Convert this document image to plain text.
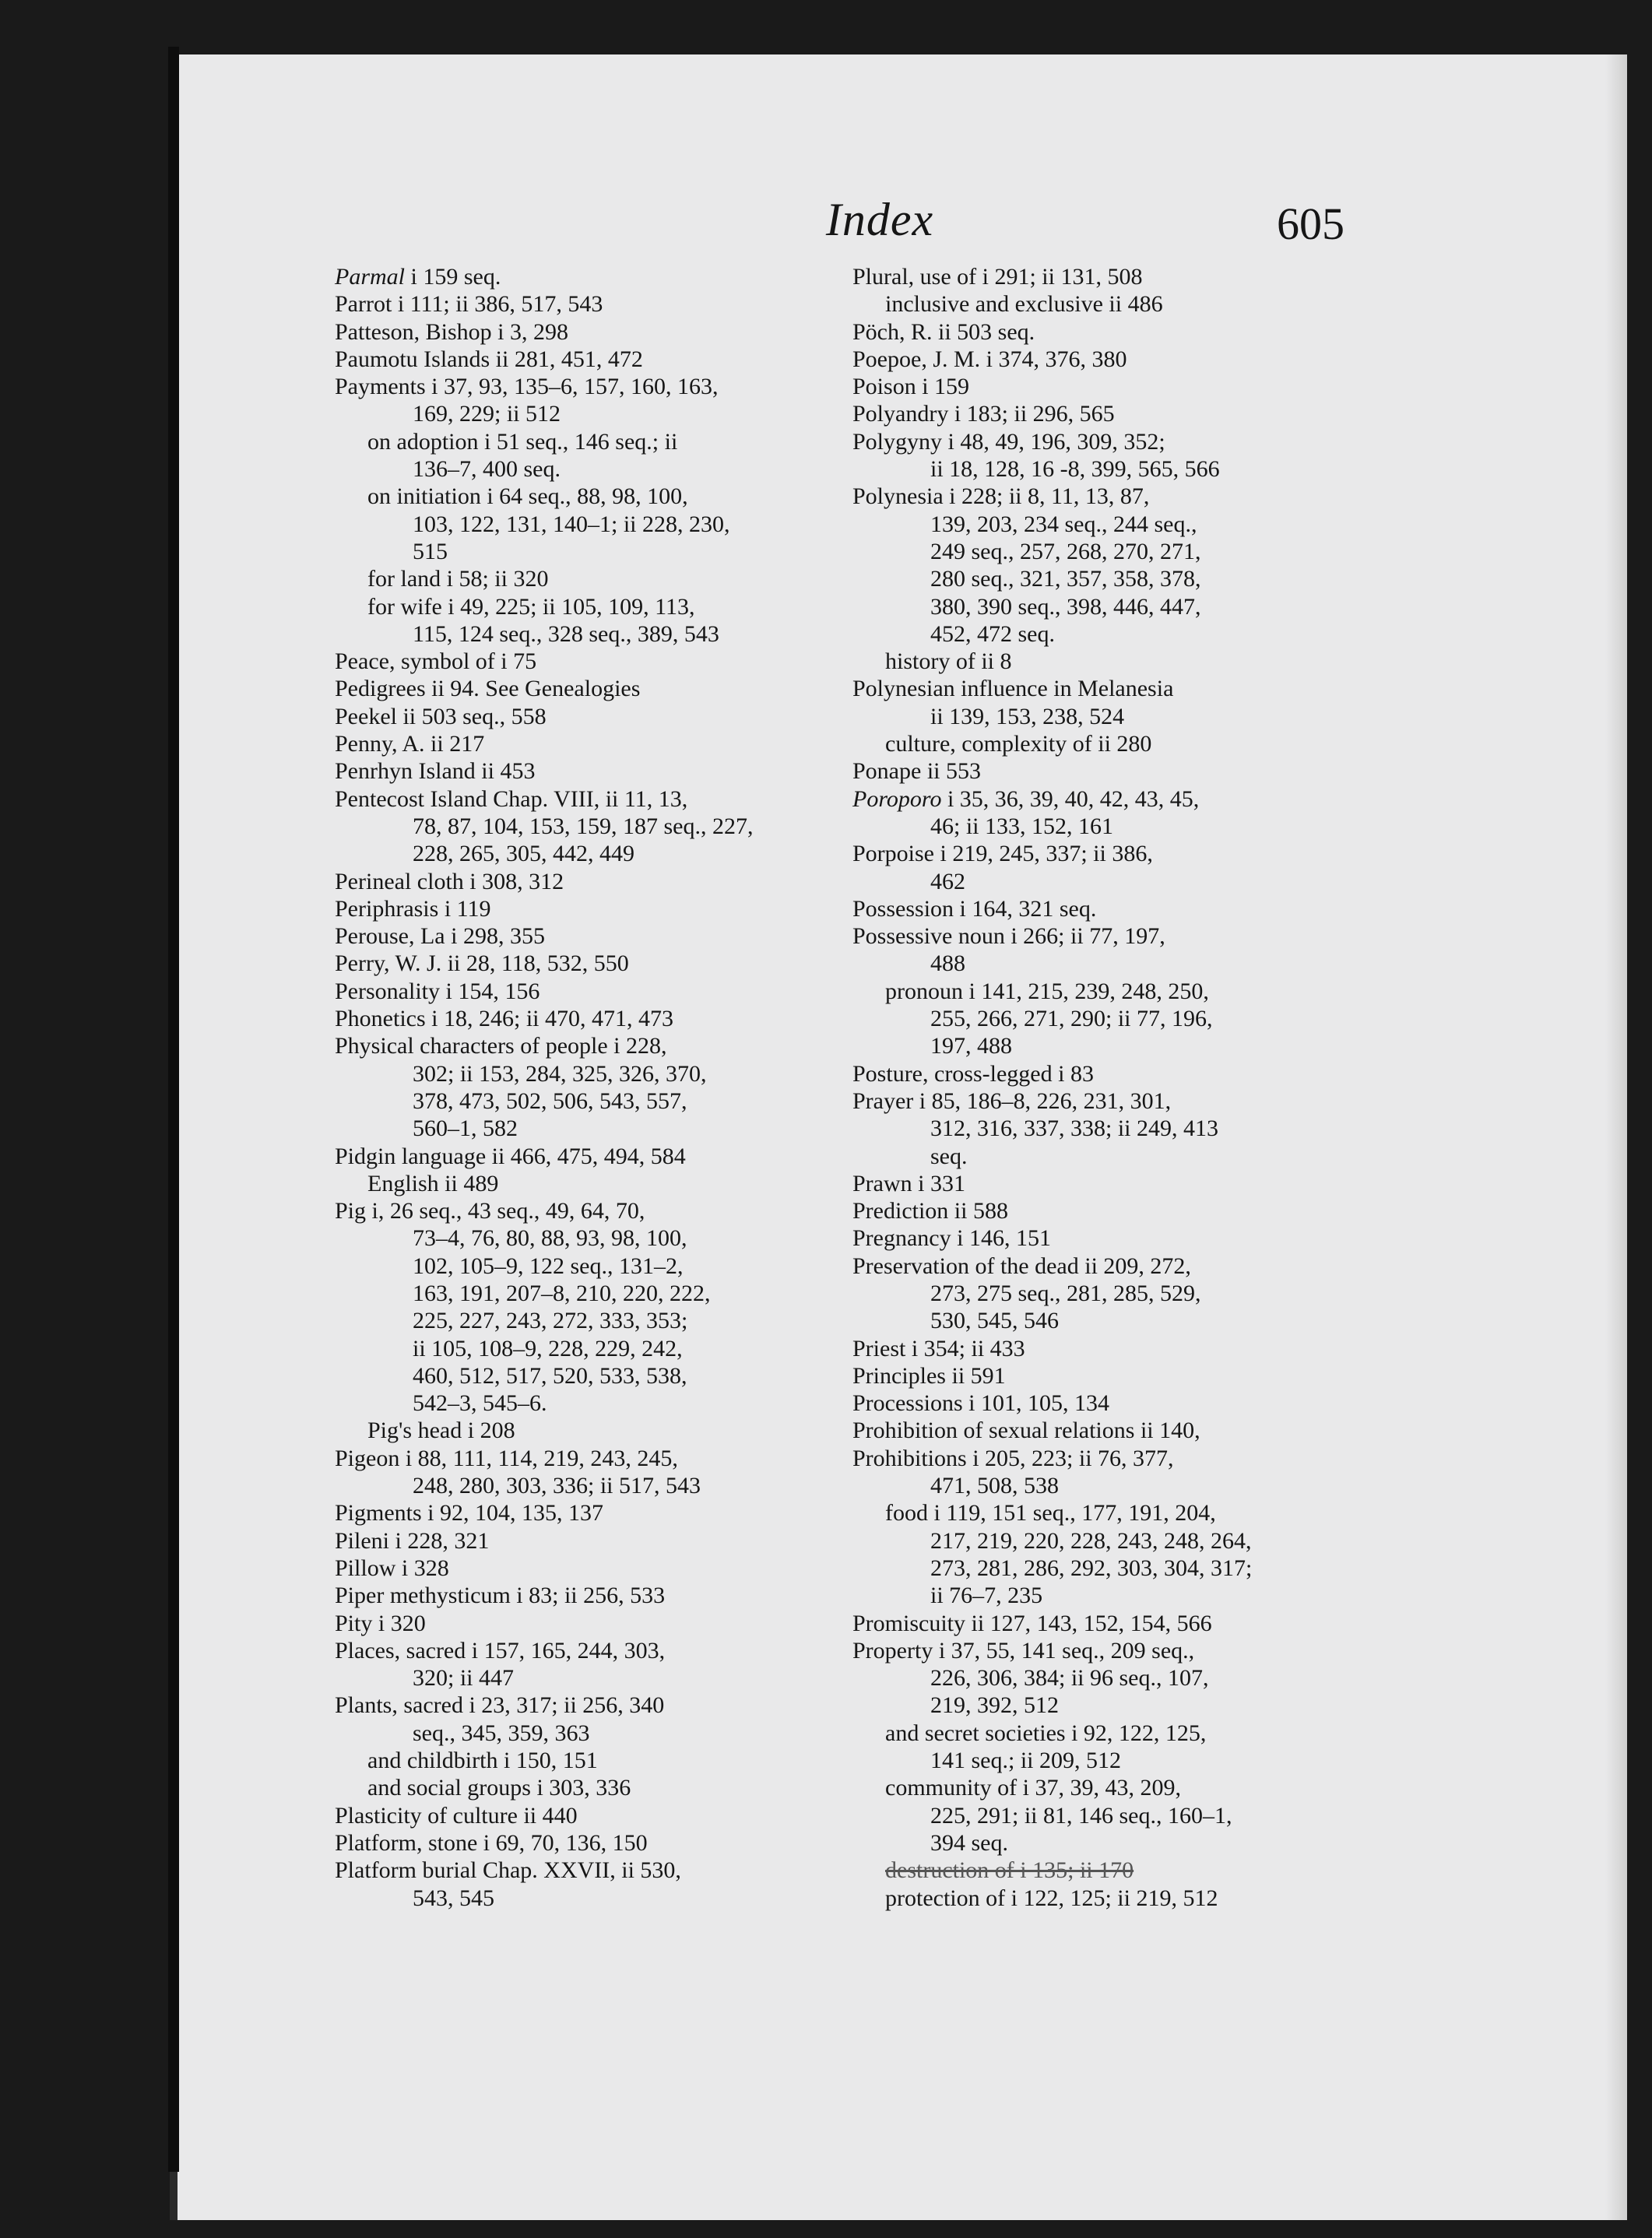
Index	605
Parmal i 159 seq.
Parrot i 111; ii 386, 517, 543
Patteson, Bishop i 3, 298
Paumotu Islands ii 281, 451, 472
Payments i 37, 93, 135–6, 157, 160, 163,
169, 229; ii 512
on adoption i 51 seq., 146 seq.; ii
136–7, 400 seq.
on initiation i 64 seq., 88, 98, 100,
103, 122, 131, 140–1; ii 228, 230,
515
for land i 58; ii 320
for wife i 49, 225; ii 105, 109, 113,
115, 124 seq., 328 seq., 389, 543
Peace, symbol of i 75
Pedigrees ii 94. See Genealogies
Peekel ii 503 seq., 558
Penny, A. ii 217
Penrhyn Island ii 453
Pentecost Island Chap. VIII, ii 11, 13,
78, 87, 104, 153, 159, 187 seq., 227,
228, 265, 305, 442, 449
Perineal cloth i 308, 312
Periphrasis i 119
Perouse, La i 298, 355
Perry, W. J. ii 28, 118, 532, 550
Personality i 154, 156
Phonetics i 18, 246; ii 470, 471, 473
Physical characters of people i 228,
302; ii 153, 284, 325, 326, 370,
378, 473, 502, 506, 543, 557,
560–1, 582
Pidgin language ii 466, 475, 494, 584
English ii 489
Pig i, 26 seq., 43 seq., 49, 64, 70,
73–4, 76, 80, 88, 93, 98, 100,
102, 105–9, 122 seq., 131–2,
163, 191, 207–8, 210, 220, 222,
225, 227, 243, 272, 333, 353;
ii 105, 108–9, 228, 229, 242,
460, 512, 517, 520, 533, 538,
542–3, 545–6.
Pig's head i 208
Pigeon i 88, 111, 114, 219, 243, 245,
248, 280, 303, 336; ii 517, 543
Pigments i 92, 104, 135, 137
Pileni i 228, 321
Pillow i 328
Piper methysticum i 83; ii 256, 533
Pity i 320
Places, sacred i 157, 165, 244, 303,
320; ii 447
Plants, sacred i 23, 317; ii 256, 340
seq., 345, 359, 363
and childbirth i 150, 151
and social groups i 303, 336
Plasticity of culture ii 440
Platform, stone i 69, 70, 136, 150
Platform burial Chap. XXVII, ii 530,
543, 545
Plural, use of i 291; ii 131, 508
inclusive and exclusive ii 486
Pöch, R. ii 503 seq.
Poepoe, J. M. i 374, 376, 380
Poison i 159
Polyandry i 183; ii 296, 565
Polygyny i 48, 49, 196, 309, 352;
ii 18, 128, 16 -8, 399, 565, 566
Polynesia i 228; ii 8, 11, 13, 87,
139, 203, 234 seq., 244 seq.,
249 seq., 257, 268, 270, 271,
280 seq., 321, 357, 358, 378,
380, 390 seq., 398, 446, 447,
452, 472 seq.
history of ii 8
Polynesian influence in Melanesia
ii 139, 153, 238, 524
culture, complexity of ii 280
Ponape ii 553
Poroporo i 35, 36, 39, 40, 42, 43, 45,
46; ii 133, 152, 161
Porpoise i 219, 245, 337; ii 386,
462
Possession i 164, 321 seq.
Possessive noun i 266; ii 77, 197,
488
pronoun i 141, 215, 239, 248, 250,
255, 266, 271, 290; ii 77, 196,
197, 488
Posture, cross-legged i 83
Prayer i 85, 186–8, 226, 231, 301,
312, 316, 337, 338; ii 249, 413
seq.
Prawn i 331
Prediction ii 588
Pregnancy i 146, 151
Preservation of the dead ii 209, 272,
273, 275 seq., 281, 285, 529,
530, 545, 546
Priest i 354; ii 433
Principles ii 591
Processions i 101, 105, 134
Prohibition of sexual relations ii 140,
Prohibitions i 205, 223; ii 76, 377,
471, 508, 538
food i 119, 151 seq., 177, 191, 204,
217, 219, 220, 228, 243, 248, 264,
273, 281, 286, 292, 303, 304, 317;
ii 76–7, 235
Promiscuity ii 127, 143, 152, 154, 566
Property i 37, 55, 141 seq., 209 seq.,
226, 306, 384; ii 96 seq., 107,
219, 392, 512
and secret societies i 92, 122, 125,
141 seq.; ii 209, 512
community of i 37, 39, 43, 209,
225, 291; ii 81, 146 seq., 160–1,
394 seq.
destruction of i 135; ii 170
protection of i 122, 125; ii 219, 512
